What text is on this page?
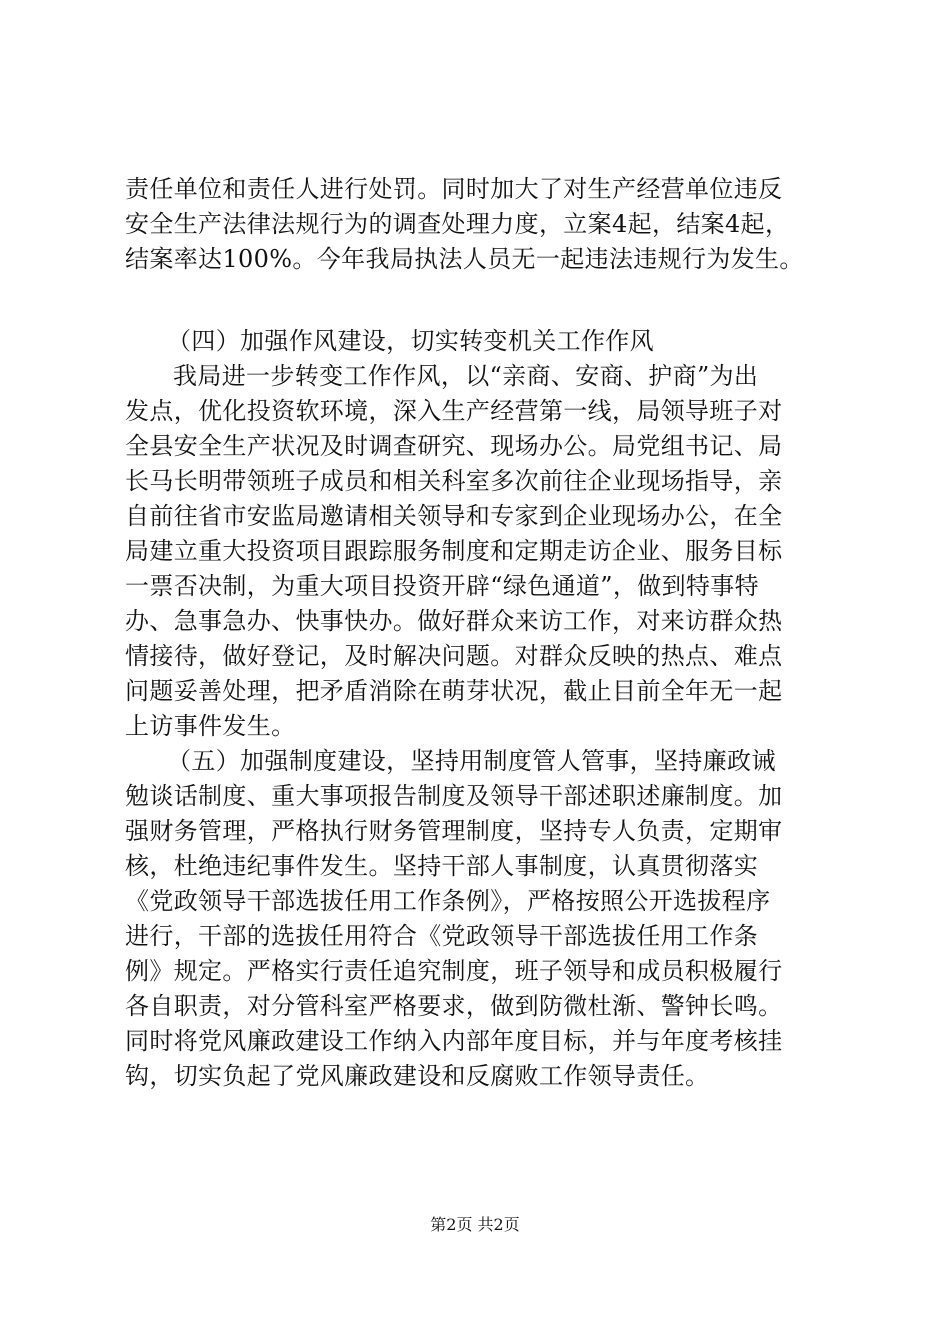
责任单位和责任人进行处罚。同时加大了对生产经营单位违反
安全生产法律法规行为的调查处理力度，立案4起，结案4起，
结案率达100%。今年我局执法人员无一起违法违规行为发生。
（四）加强作风建设，切实转变机关工作作风
我局进一步转变工作作风，以“亲商、安商、护商”为出
发点，优化投资软环境，深入生产经营第一线，局领导班子对
全县安全生产状况及时调查研究、现场办公。局党组书记、局
长马长明带领班子成员和相关科室多次前往企业现场指导，亲
自前往省市安监局邀请相关领导和专家到企业现场办公，在全
局建立重大投资项目跟踪服务制度和定期走访企业、服务目标
一票否决制，为重大项目投资开辟“绿色通道”，做到特事特
办、急事急办、快事快办。做好群众来访工作，对来访群众热
情接待，做好登记，及时解决问题。对群众反映的热点、难点
问题妥善处理，把矛盾消除在萌芽状况，截止目前全年无一起
上访事件发生。
（五）加强制度建设，坚持用制度管人管事，坚持廉政诫
勉谈话制度、重大事项报告制度及领导干部述职述廉制度。加
强财务管理，严格执行财务管理制度，坚持专人负责，定期审
核，杜绝违纪事件发生。坚持干部人事制度，认真贯彻落实
《党政领导干部选拔任用工作条例》，严格按照公开选拔程序
进行，干部的选拔任用符合《党政领导干部选拔任用工作条
例》规定。严格实行责任追究制度，班子领导和成员积极履行
各自职责，对分管科室严格要求，做到防微杜渐、警钟长鸣。
同时将党风廉政建设工作纳入内部年度目标，并与年度考核挂
钩，切实负起了党风廉政建设和反腐败工作领导责任。
第2页 共2页
